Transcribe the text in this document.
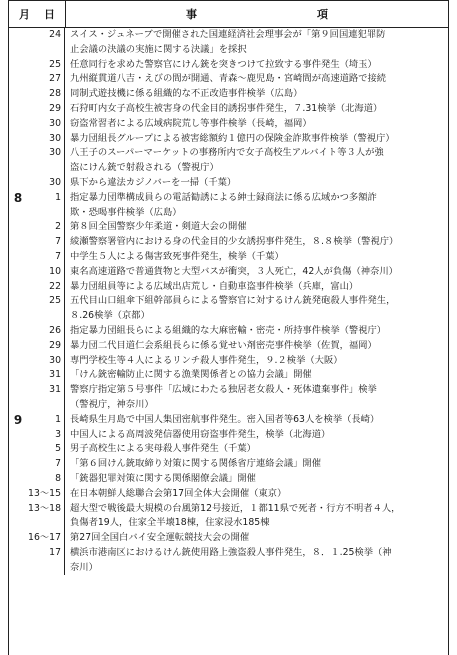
月 日	事	項
24 スイス・ジュネーブで開催された国連経済社会理事会が「第９回国連犯罪防
止会議の決議の実施に関する決議」を採択
25 任意同行を求めた警察官にけん銃を突きつけて拉致する事件発生（埼玉）
27 九州縦貫道八吉・えびの間が開通、青森～鹿児島・宮崎間が高速道路で接続
28 同制式遊技機に係る組織的な不正改造事件検挙（広島）
29 石狩町内女子高校生被害身の代金目的誘拐事件発生，７.31検挙（北海道）
30 窃盗常習者による広域病院荒し等事件検挙（長崎，福岡）
30 暴力団組長グループによる被害総額約１億円の保険金詐欺事件検挙（警視庁）
30 八王子のスーパーマーケットの事務所内で女子高校生アルバイト等３人が強
盗にけん銃で射殺される（警視庁）
30 県下から違法カジノバーを一掃（千葉）
8	1 指定暴力団準構成員らの電話勧誘による紳士録商法に係る広域かつ多額詐
欺・恐喝事件検挙（広島）
2 第８回全国警察少年柔道・剣道大会の開催
7 綾瀬警察署管内における身の代金目的少女誘拐事件発生，８.８検挙（警視庁）
7 中学生５人による傷害致死事件発生，検挙（千葉）
10 東名高速道路で普通貨物と大型バスが衝突，３人死亡，42人が負傷（神奈川）
22 暴力団組員等による広域出店荒し・自動車盗事件検挙（兵庫，富山）
25 五代目山口組傘下組幹部員らによる警察官に対するけん銃発砲殺人事件発生，
８.26検挙（京都）
26 指定暴力団組長らによる組織的な大麻密輸・密売・所持事件検挙（警視庁）
29 暴力団二代目道仁会系組長らに係る覚せい剤密売事件検挙（佐賀，福岡）
30 専門学校生等４人によるリンチ殺人事件発生，９.２検挙（大阪）
31 「けん銃密輸防止に関する漁業関係者との協力会議」開催
31 警察庁指定第５号事件「広域にわたる独居老女殺人・死体遺棄事件」検挙
（警視庁，神奈川）
9	1 長崎県生月島で中国人集団密航事件発生。密入国者等63人を検挙（長崎）
3 中国人による高周波発信器使用窃盗事件発生，検挙（北海道）
5 男子高校生による実母殺人事件発生（千葉）
7 「第６回けん銃取締り対策に関する関係省庁連絡会議」開催
8 「銃器犯罪対策に関する関係閣僚会議」開催
13～15 在日本朝鮮人総聯合会第17回全体大会開催（東京）
13～18 超大型で戦後最大規模の台風第12号接近，１都11県で死者・行方不明者４人，
負傷者19人，住家全半壊18棟，住家浸水185棟
16～17 第27回全国白バイ安全運転競技大会の開催
17 横浜市港南区におけるけん銃使用路上強盗殺人事件発生，８．１.25検挙（神
奈川）
